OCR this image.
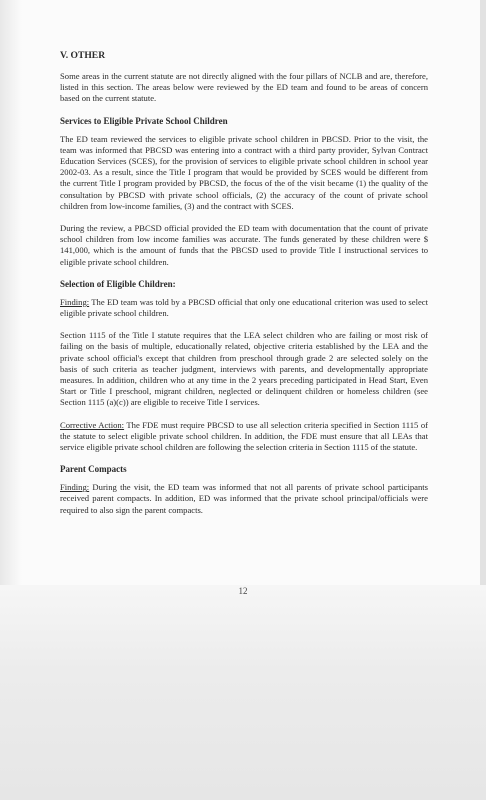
V. OTHER

Some areas in the current statute are not directly aligned with the four pillars of NCLB and are, therefore, listed in this section. The areas below were reviewed by the ED team and found to be areas of concern based on the current statute.

Services to Eligible Private School Children

The ED team reviewed the services to eligible private school children in PBCSD. Prior to the visit, the team was informed that PBCSD was entering into a contract with a third party provider, Sylvan Contract Education Services (SCES), for the provision of services to eligible private school children in school year 2002-03. As a result, since the Title I program that would be provided by SCES would be different from the current Title I program provided by PBCSD, the focus of the of the visit became (1) the quality of the consultation by PBCSD with private school officials, (2) the accuracy of the count of private school children from low-income families, (3) and the contract with SCES.

During the review, a PBCSD official provided the ED team with documentation that the count of private school children from low income families was accurate. The funds generated by these children were $ 141,000, which is the amount of funds that the PBCSD used to provide Title I instructional services to eligible private school children.

Selection of Eligible Children:

Finding: The ED team was told by a PBCSD official that only one educational criterion was used to select eligible private school children.

Section 1115 of the Title I statute requires that the LEA select children who are failing or most risk of failing on the basis of multiple, educationally related, objective criteria established by the LEA and the private school official's except that children from preschool through grade 2 are selected solely on the basis of such criteria as teacher judgment, interviews with parents, and developmentally appropriate measures. In addition, children who at any time in the 2 years preceding participated in Head Start, Even Start or Title I preschool, migrant children, neglected or delinquent children or homeless children (see Section 1115 (a)(c)) are eligible to receive Title I services.

Corrective Action: The FDE must require PBCSD to use all selection criteria specified in Section 1115 of the statute to select eligible private school children. In addition, the FDE must ensure that all LEAs that service eligible private school children are following the selection criteria in Section 1115 of the statute.

Parent Compacts

Finding: During the visit, the ED team was informed that not all parents of private school participants received parent compacts. In addition, ED was informed that the private school principal/officials were required to also sign the parent compacts.

12
